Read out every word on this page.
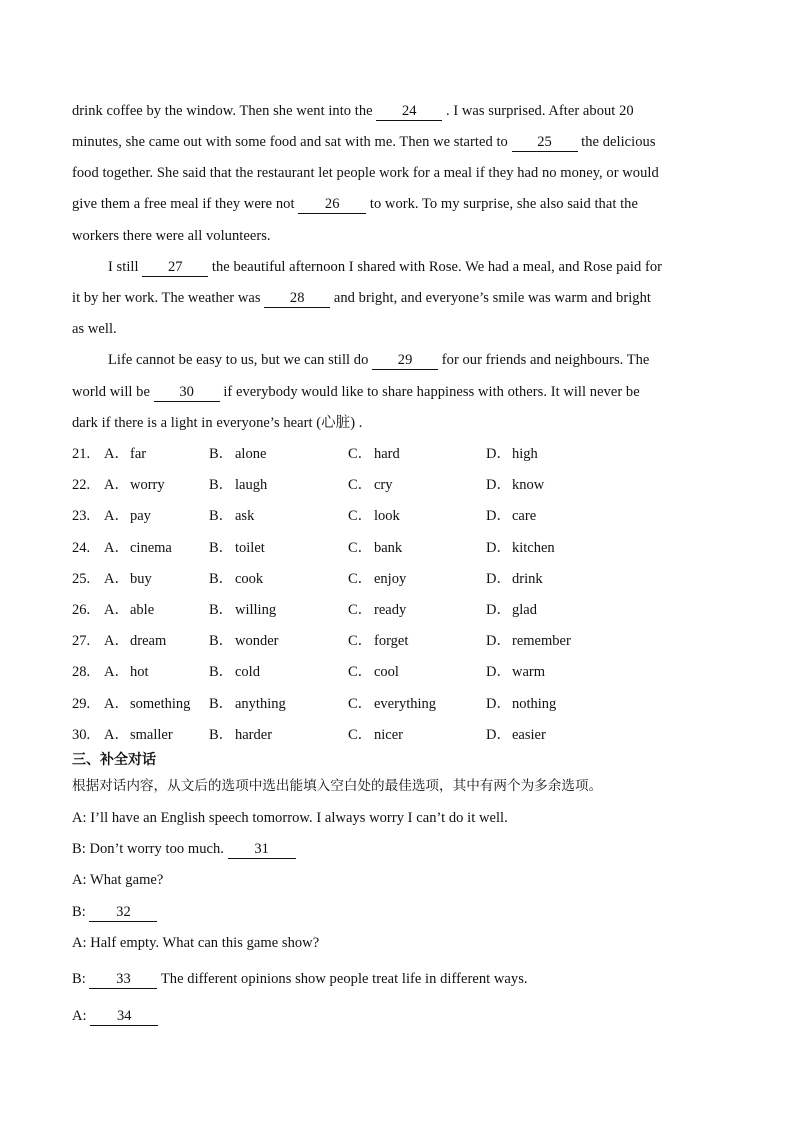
drink coffee by the window. Then she went into the 24 . I was surprised. After about 20
minutes, she came out with some food and sat with me. Then we started to 25 the delicious
food together. She said that the restaurant let people work for a meal if they had no money, or would
give them a free meal if they were not 26 to work. To my surprise, she also said that the
workers there were all volunteers.
I still 27 the beautiful afternoon I shared with Rose. We had a meal, and Rose paid for
it by her work. The weather was 28 and bright, and everyone’s smile was warm and bright
as well.
Life cannot be easy to us, but we can still do 29 for our friends and neighbours. The
world will be 30 if everybody would like to share happiness with others. It will never be
dark if there is a light in everyone’s heart (心脏) .
21. A．far	B． alone	C． hard	D．high
22. A．worry	B． laugh	C． cry	D．know
23. A．pay	B． ask	C． look	D．care
24. A．cinema	B． toilet	C． bank	D．kitchen
25. A．buy	B． cook	C． enjoy	D．drink
26. A．able	B． willing	C． ready	D．glad
27. A．dream	B． wonder	C． forget	D．remember
28. A．hot	B． cold	C． cool	D．warm
29. A．something B． anything	C． everything	D．nothing
30. A．smaller	B． harder	C． nicer	D．easier
三、补全对话
根据对话内容，从文后的选项中选出能填入空白处的最佳选项，其中有两个为多余选项。
A: I’ll have an English speech tomorrow. I always worry I can’t do it well.
B: Don’t worry too much. 31
A: What game?
B: 32
A: Half empty. What can this game show?
B: 33 The different opinions show people treat life in different ways.
A: 34
